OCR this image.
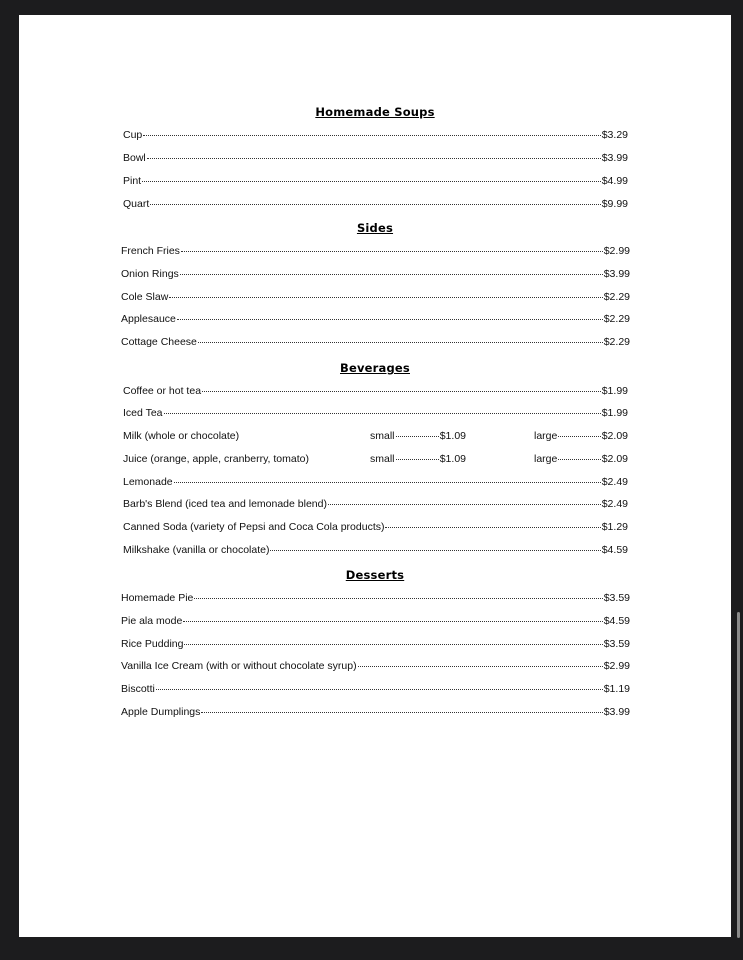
Homemade Soups
Cup	$3.29
Bowl	$3.99
Pint	$4.99
Quart	$9.99
Sides
French Fries	$2.99
Onion Rings	$3.99
Cole Slaw	$2.29
Applesauce	$2.29
Cottage Cheese	$2.29
Beverages
Coffee or hot tea	$1.99
Iced Tea	$1.99
Milk (whole or chocolate)	small	$1.09	large	$2.09
Juice (orange, apple, cranberry, tomato)	small	$1.09	large	$2.09
Lemonade	$2.49
Barb's Blend (iced tea and lemonade blend)	$2.49
Canned Soda (variety of Pepsi and Coca Cola products)	$1.29
Milkshake (vanilla or chocolate)	$4.59
Desserts
Homemade Pie	$3.59
Pie ala mode	$4.59
Rice Pudding	$3.59
Vanilla Ice Cream (with or without chocolate syrup)	$2.99
Biscotti	$1.19
Apple Dumplings	$3.99
